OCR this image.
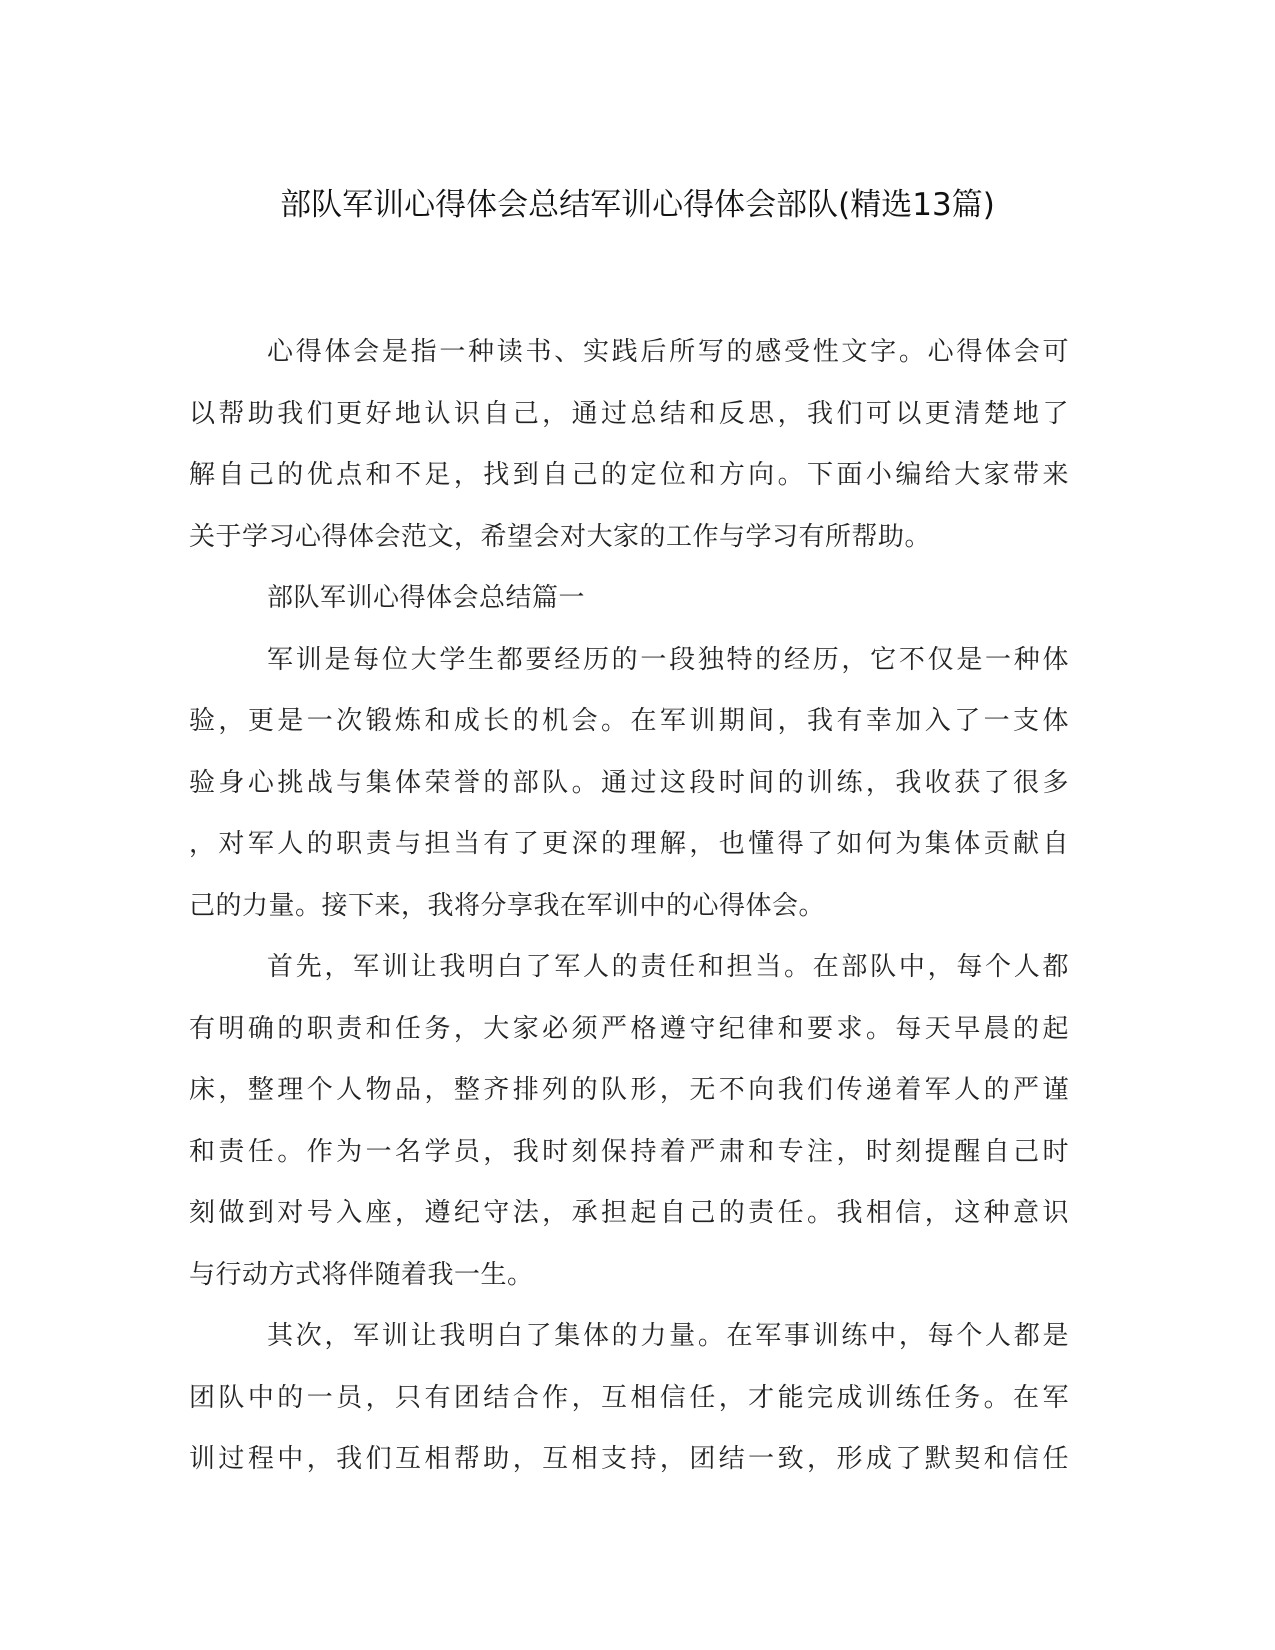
部队军训心得体会总结军训心得体会部队(精选13篇)
心得体会是指一种读书、实践后所写的感受性文字。心得体会可
以帮助我们更好地认识自己，通过总结和反思，我们可以更清楚地了
解自己的优点和不足，找到自己的定位和方向。下面小编给大家带来
关于学习心得体会范文，希望会对大家的工作与学习有所帮助。
部队军训心得体会总结篇一
军训是每位大学生都要经历的一段独特的经历，它不仅是一种体
验，更是一次锻炼和成长的机会。在军训期间，我有幸加入了一支体
验身心挑战与集体荣誉的部队。通过这段时间的训练，我收获了很多
，对军人的职责与担当有了更深的理解，也懂得了如何为集体贡献自
己的力量。接下来，我将分享我在军训中的心得体会。
首先，军训让我明白了军人的责任和担当。在部队中，每个人都
有明确的职责和任务，大家必须严格遵守纪律和要求。每天早晨的起
床，整理个人物品，整齐排列的队形，无不向我们传递着军人的严谨
和责任。作为一名学员，我时刻保持着严肃和专注，时刻提醒自己时
刻做到对号入座，遵纪守法，承担起自己的责任。我相信，这种意识
与行动方式将伴随着我一生。
其次，军训让我明白了集体的力量。在军事训练中，每个人都是
团队中的一员，只有团结合作，互相信任，才能完成训练任务。在军
训过程中，我们互相帮助，互相支持，团结一致，形成了默契和信任
